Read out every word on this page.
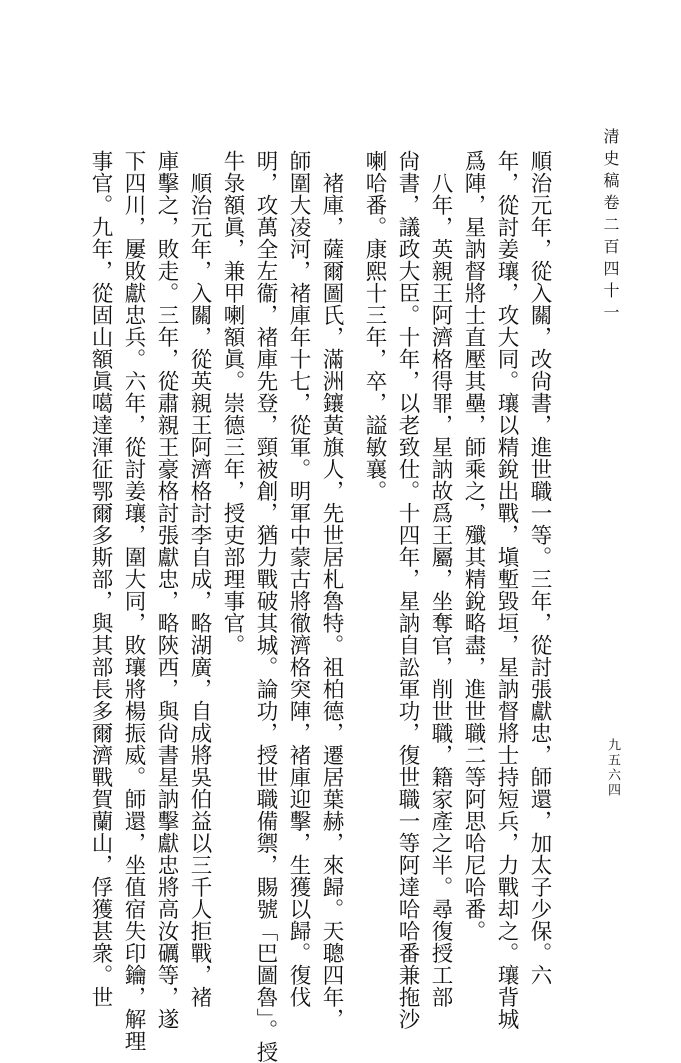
清史稿卷二百四十一
九五六四
順治元年，從入關，改尙書，進世職一等。三年，從討張獻忠，師還，加太子少保。六
年，從討姜瓖，攻大同。瓖以精銳出戰，塡塹毀垣，星訥督將士持短兵，力戰却之。瓖背城
爲陣，星訥督將士直壓其壘，師乘之，殲其精銳略盡，進世職二等阿思哈尼哈番。
八年，英親王阿濟格得罪，星訥故爲王屬，坐奪官，削世職，籍家產之半。尋復授工部
尙書，議政大臣。十年，以老致仕。十四年，星訥自訟軍功，復世職一等阿達哈哈番兼拖沙
喇哈番。康熙十三年，卒，謚敏襄。
褚庫，薩爾圖氏，滿洲鑲黃旗人，先世居札魯特。祖柏德，遷居葉赫，來歸。天聰四年，
師圍大凌河，褚庫年十七，從軍。明軍中蒙古將徹濟格突陣，褚庫迎擊，生獲以歸。復伐
明，攻萬全左衞，褚庫先登，頸被創，猶力戰破其城。論功，授世職備禦，賜號「巴圖魯」。授
牛彔額眞，兼甲喇額眞。崇德三年，授吏部理事官。
順治元年，入關，從英親王阿濟格討李自成，略湖廣，自成將吳伯益以三千人拒戰，褚
庫擊之，敗走。三年，從肅親王豪格討張獻忠，略陝西，與尙書星訥擊獻忠將高汝礪等，遂
下四川，屢敗獻忠兵。六年，從討姜瓖，圍大同，敗瓖將楊振威。師還，坐值宿失印鑰，解理
事官。九年，從固山額眞噶達渾征鄂爾多斯部，與其部長多爾濟戰賀蘭山，俘獲甚衆。世
